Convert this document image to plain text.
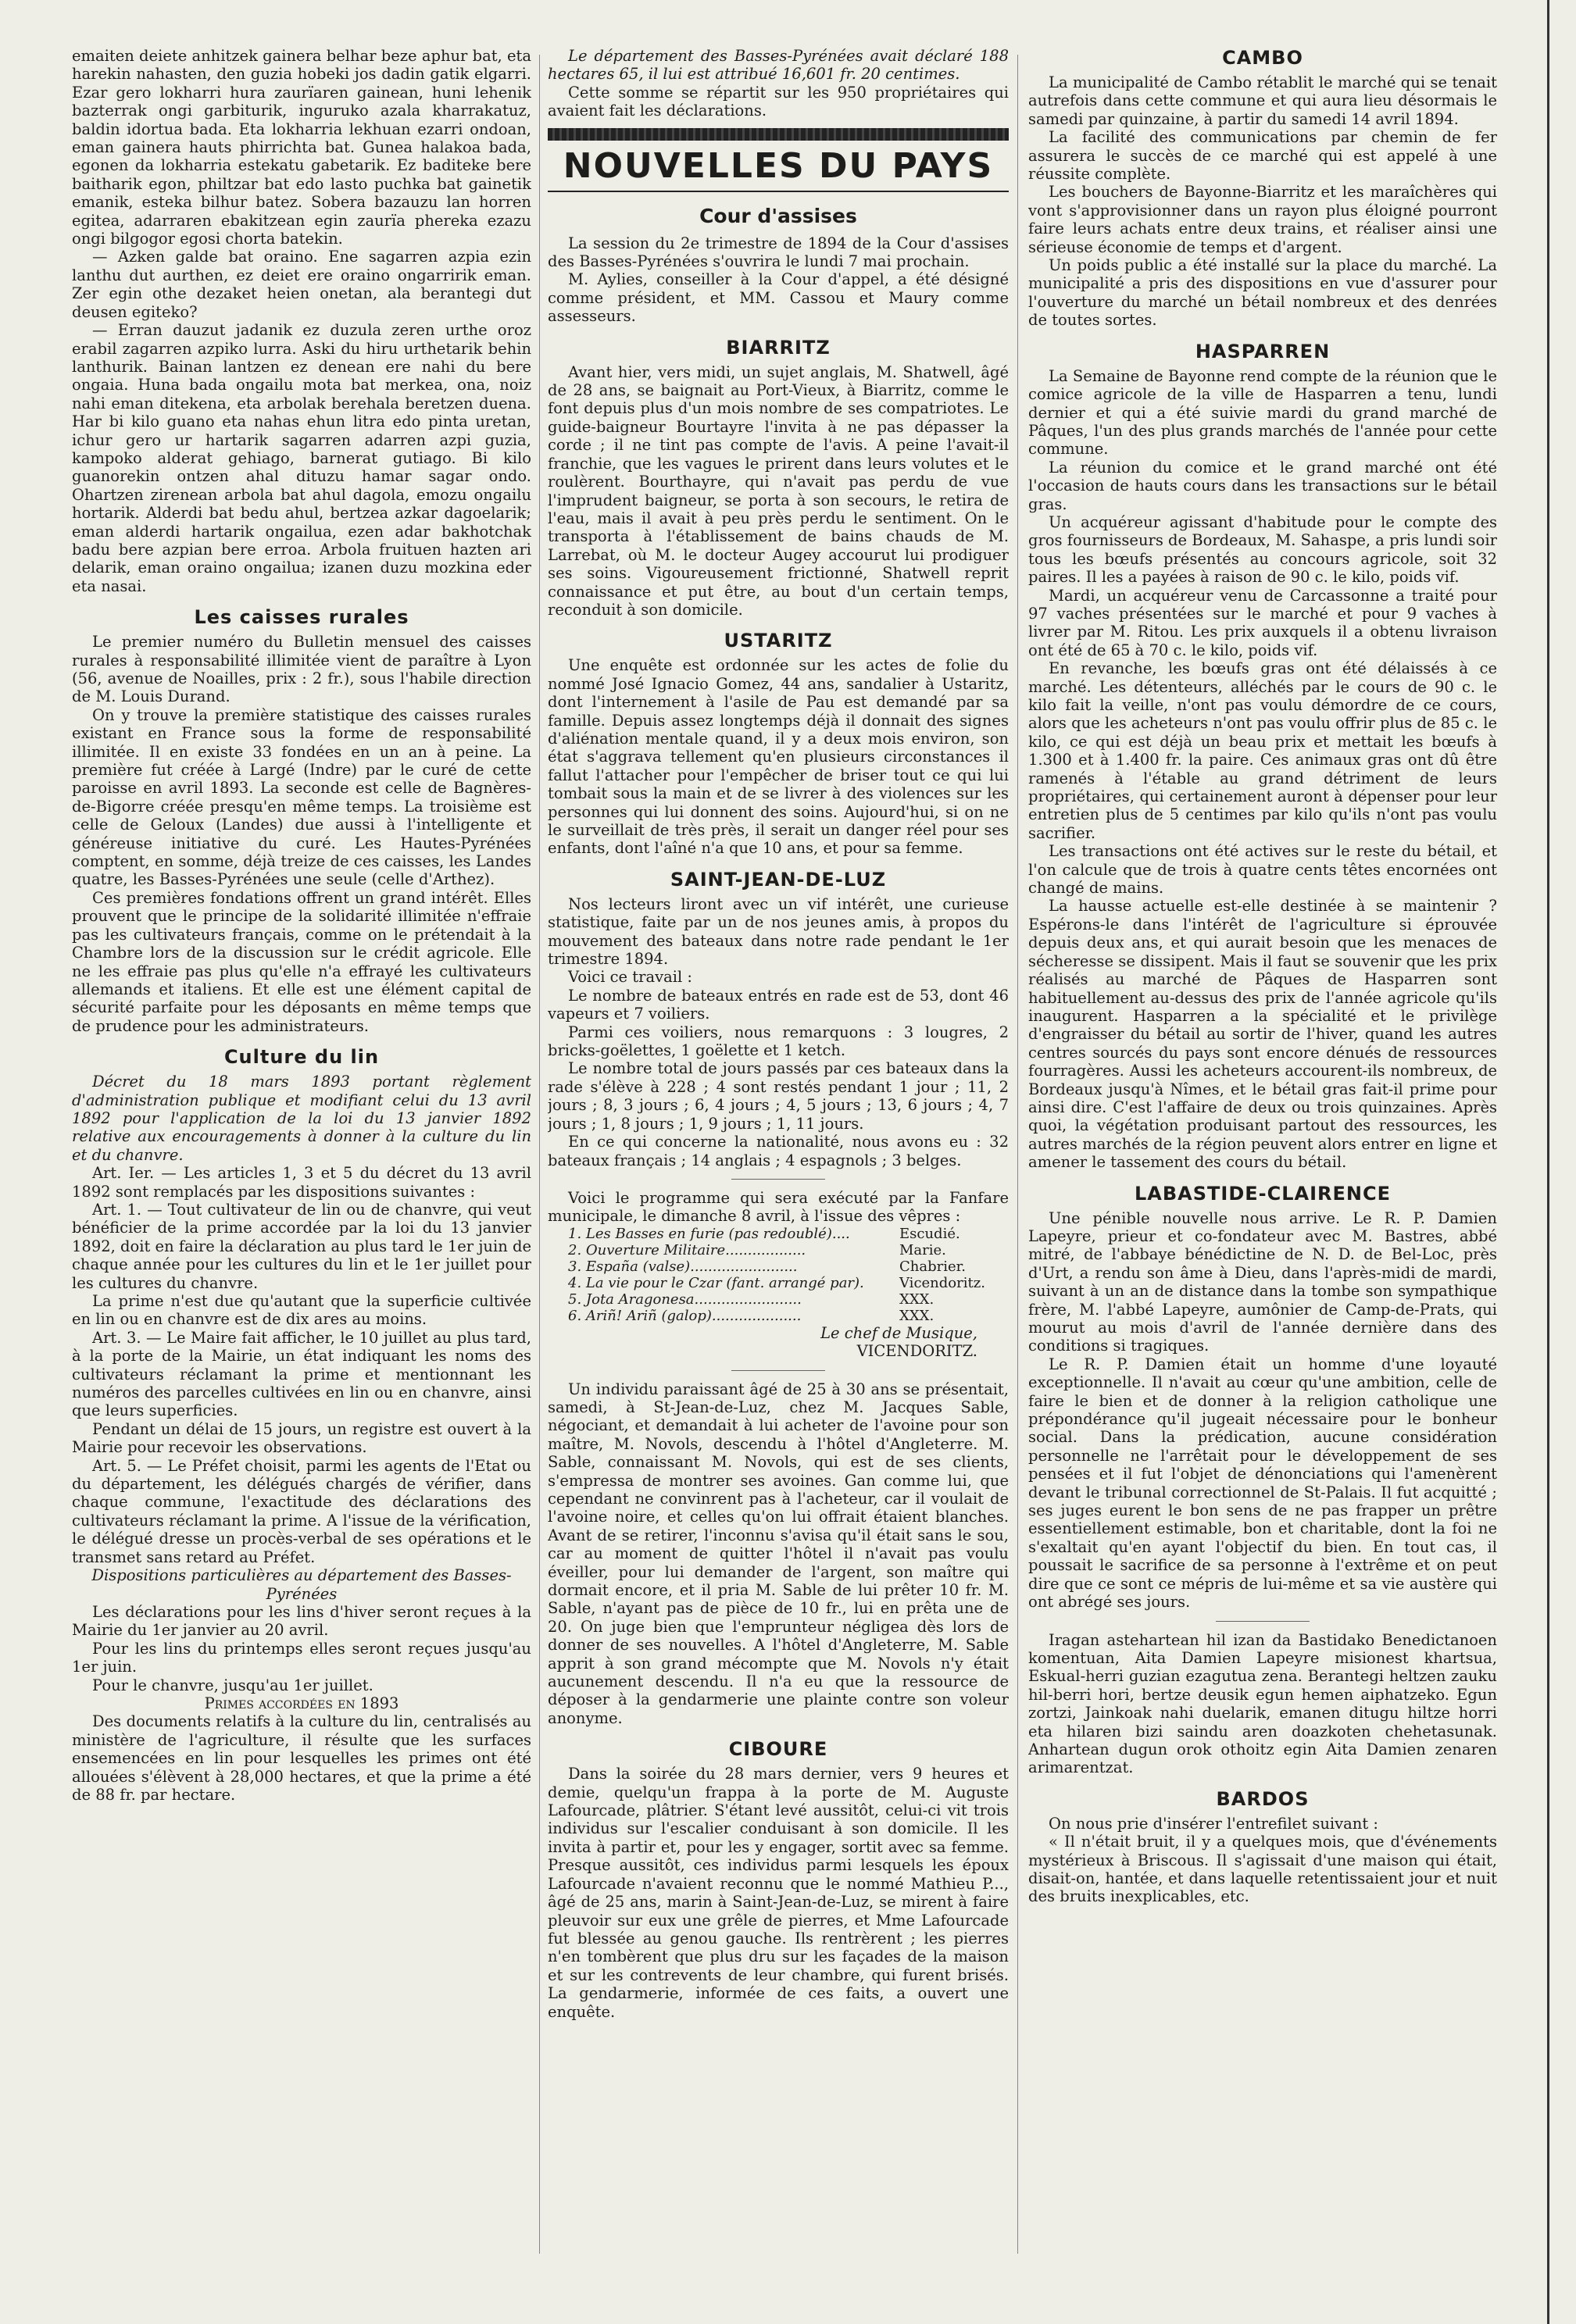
emaiten deiete anhitzek gainera belhar beze aphur bat, eta harekin nahasten, den guzia hobeki jos dadin gatik elgarri. Ezar gero lokharri hura zaurïaren gainean, huni lehenik bazterrak ongi garbiturik, inguruko azala kharrakatuz, baldin idortua bada. Eta lokharria lekhuan ezarri ondoan, eman gainera hauts phirrichta bat. Gunea halakoa bada, egonen da lokharria estekatu gabetarik. Ez baditeke bere baitharik egon, philtzar bat edo lasto puchka bat gainetik emanik, esteka bilhur batez. Sobera bazauzu lan horren egitea, adarraren ebakitzean egin zaurïa phereka ezazu ongi bilgogor egosi chorta batekin.

— Azken galde bat oraino. Ene sagarren azpia ezin lanthu dut aurthen, ez deiet ere oraino ongarririk eman. Zer egin othe dezaket heien onetan, ala berantegi dut deusen egiteko?

— Erran dauzut jadanik ez duzula zeren urthe oroz erabil zagarren azpiko lurra. Aski du hiru urthetarik behin lanthurik. Bainan lantzen ez denean ere nahi du bere ongaia. Huna bada ongailu mota bat merkea, ona, noiz nahi eman ditekena, eta arbolak berehala beretzen duena. Har bi kilo guano eta nahas ehun litra edo pinta uretan, ichur gero ur hartarik sagarren adarren azpi guzia, kampoko alderat gehiago, barnerat gutiago. Bi kilo guanorekin ontzen ahal dituzu hamar sagar ondo. Ohartzen zirenean arbola bat ahul dagola, emozu ongailu hortarik. Alderdi bat bedu ahul, bertzea azkar dagoelarik; eman alderdi hartarik ongailua, ezen adar bakhotchak badu bere azpian bere erroa. Arbola fruituen hazten ari delarik, eman oraino ongailua; izanen duzu mozkina eder eta nasai.

Les caisses rurales

Le premier numéro du Bulletin mensuel des caisses rurales à responsabilité illimitée vient de paraître à Lyon (56, avenue de Noailles, prix : 2 fr.), sous l'habile direction de M. Louis Durand.

On y trouve la première statistique des caisses rurales existant en France sous la forme de responsabilité illimitée. Il en existe 33 fondées en un an à peine. La première fut créée à Largé (Indre) par le curé de cette paroisse en avril 1893. La seconde est celle de Bagnères-de-Bigorre créée presqu'en même temps. La troisième est celle de Geloux (Landes) due aussi à l'intelligente et généreuse initiative du curé. Les Hautes-Pyrénées comptent, en somme, déjà treize de ces caisses, les Landes quatre, les Basses-Pyrénées une seule (celle d'Arthez).

Ces premières fondations offrent un grand intérêt. Elles prouvent que le principe de la solidarité illimitée n'effraie pas les cultivateurs français, comme on le prétendait à la Chambre lors de la discussion sur le crédit agricole. Elle ne les effraie pas plus qu'elle n'a effrayé les cultivateurs allemands et italiens. Et elle est une élément capital de sécurité parfaite pour les déposants en même temps que de prudence pour les administrateurs.

Culture du lin

Décret du 18 mars 1893 portant règlement d'administration publique et modifiant celui du 13 avril 1892 pour l'application de la loi du 13 janvier 1892 relative aux encouragements à donner à la culture du lin et du chanvre.

Art. Ier. — Les articles 1, 3 et 5 du décret du 13 avril 1892 sont remplacés par les dispositions suivantes :

Art. 1. — Tout cultivateur de lin ou de chanvre, qui veut bénéficier de la prime accordée par la loi du 13 janvier 1892, doit en faire la déclaration au plus tard le 1er juin de chaque année pour les cultures du lin et le 1er juillet pour les cultures du chanvre.

La prime n'est due qu'autant que la superficie cultivée en lin ou en chanvre est de dix ares au moins.

Art. 3. — Le Maire fait afficher, le 10 juillet au plus tard, à la porte de la Mairie, un état indiquant les noms des cultivateurs réclamant la prime et mentionnant les numéros des parcelles cultivées en lin ou en chanvre, ainsi que leurs superficies.

Pendant un délai de 15 jours, un registre est ouvert à la Mairie pour recevoir les observations.

Art. 5. — Le Préfet choisit, parmi les agents de l'Etat ou du département, les délégués chargés de vérifier, dans chaque commune, l'exactitude des déclarations des cultivateurs réclamant la prime. A l'issue de la vérification, le délégué dresse un procès-verbal de ses opérations et le transmet sans retard au Préfet.

Dispositions particulières au département des Basses-Pyrénées

Les déclarations pour les lins d'hiver seront reçues à la Mairie du 1er janvier au 20 avril.

Pour les lins du printemps elles seront reçues jusqu'au 1er juin.

Pour le chanvre, jusqu'au 1er juillet.

Primes accordées en 1893

Des documents relatifs à la culture du lin, centralisés au ministère de l'agriculture, il résulte que les surfaces ensemencées en lin pour lesquelles les primes ont été allouées s'élèvent à 28,000 hectares, et que la prime a été de 88 fr. par hectare.

Le département des Basses-Pyrénées avait déclaré 188 hectares 65, il lui est attribué 16,601 fr. 20 centimes.

Cette somme se répartit sur les 950 propriétaires qui avaient fait les déclarations.

NOUVELLES DU PAYS
Cour d'assises

La session du 2e trimestre de 1894 de la Cour d'assises des Basses-Pyrénées s'ouvrira le lundi 7 mai prochain.

M. Aylies, conseiller à la Cour d'appel, a été désigné comme président, et MM. Cassou et Maury comme assesseurs.

BIARRITZ

Avant hier, vers midi, un sujet anglais, M. Shatwell, âgé de 28 ans, se baignait au Port-Vieux, à Biarritz, comme le font depuis plus d'un mois nombre de ses compatriotes. Le guide-baigneur Bourtayre l'invita à ne pas dépasser la corde ; il ne tint pas compte de l'avis. A peine l'avait-il franchie, que les vagues le prirent dans leurs volutes et le roulèrent. Bourthayre, qui n'avait pas perdu de vue l'imprudent baigneur, se porta à son secours, le retira de l'eau, mais il avait à peu près perdu le sentiment. On le transporta à l'établissement de bains chauds de M. Larrebat, où M. le docteur Augey accourut lui prodiguer ses soins. Vigoureusement frictionné, Shatwell reprit connaissance et put être, au bout d'un certain temps, reconduit à son domicile.

USTARITZ

Une enquête est ordonnée sur les actes de folie du nommé José Ignacio Gomez, 44 ans, sandalier à Ustaritz, dont l'internement à l'asile de Pau est demandé par sa famille. Depuis assez longtemps déjà il donnait des signes d'aliénation mentale quand, il y a deux mois environ, son état s'aggrava tellement qu'en plusieurs circonstances il fallut l'attacher pour l'empêcher de briser tout ce qui lui tombait sous la main et de se livrer à des violences sur les personnes qui lui donnent des soins. Aujourd'hui, si on ne le surveillait de très près, il serait un danger réel pour ses enfants, dont l'aîné n'a que 10 ans, et pour sa femme.

SAINT-JEAN-DE-LUZ

Nos lecteurs liront avec un vif intérêt, une curieuse statistique, faite par un de nos jeunes amis, à propos du mouvement des bateaux dans notre rade pendant le 1er trimestre 1894.

Voici ce travail :

Le nombre de bateaux entrés en rade est de 53, dont 46 vapeurs et 7 voiliers.

Parmi ces voiliers, nous remarquons : 3 lougres, 2 bricks-goëlettes, 1 goëlette et 1 ketch.

Le nombre total de jours passés par ces bateaux dans la rade s'élève à 228 ; 4 sont restés pendant 1 jour ; 11, 2 jours ; 8, 3 jours ; 6, 4 jours ; 4, 5 jours ; 13, 6 jours ; 4, 7 jours ; 1, 8 jours ; 1, 9 jours ; 1, 11 jours.

En ce qui concerne la nationalité, nous avons eu : 32 bateaux français ; 14 anglais ; 4 espagnols ; 3 belges.

Voici le programme qui sera exécuté par la Fanfare municipale, le dimanche 8 avril, à l'issue des vêpres :

1. Les Basses en furie (pas redoublé)....	Escudié.
2. Ouverture Militaire..................	Marie.
3. España (valse)........................	Chabrier.
4. La vie pour le Czar (fant. arrangé par).	Vicendoritz.
5. Jota Aragonesa........................	XXX.
6. Ariñ! Ariñ (galop)....................	XXX.
Le chef de Musique,
VICENDORITZ.

Un individu paraissant âgé de 25 à 30 ans se présentait, samedi, à St-Jean-de-Luz, chez M. Jacques Sable, négociant, et demandait à lui acheter de l'avoine pour son maître, M. Novols, descendu à l'hôtel d'Angleterre. M. Sable, connaissant M. Novols, qui est de ses clients, s'empressa de montrer ses avoines. Gan comme lui, que cependant ne convinrent pas à l'acheteur, car il voulait de l'avoine noire, et celles qu'on lui offrait étaient blanches. Avant de se retirer, l'inconnu s'avisa qu'il était sans le sou, car au moment de quitter l'hôtel il n'avait pas voulu éveiller, pour lui demander de l'argent, son maître qui dormait encore, et il pria M. Sable de lui prêter 10 fr. M. Sable, n'ayant pas de pièce de 10 fr., lui en prêta une de 20. On juge bien que l'emprunteur négligea dès lors de donner de ses nouvelles. A l'hôtel d'Angleterre, M. Sable apprit à son grand mécompte que M. Novols n'y était aucunement descendu. Il n'a eu que la ressource de déposer à la gendarmerie une plainte contre son voleur anonyme.

CIBOURE

Dans la soirée du 28 mars dernier, vers 9 heures et demie, quelqu'un frappa à la porte de M. Auguste Lafourcade, plâtrier. S'étant levé aussitôt, celui-ci vit trois individus sur l'escalier conduisant à son domicile. Il les invita à partir et, pour les y engager, sortit avec sa femme. Presque aussitôt, ces individus parmi lesquels les époux Lafourcade n'avaient reconnu que le nommé Mathieu P..., âgé de 25 ans, marin à Saint-Jean-de-Luz, se mirent à faire pleuvoir sur eux une grêle de pierres, et Mme Lafourcade fut blessée au genou gauche. Ils rentrèrent ; les pierres n'en tombèrent que plus dru sur les façades de la maison et sur les contrevents de leur chambre, qui furent brisés. La gendarmerie, informée de ces faits, a ouvert une enquête.

CAMBO

La municipalité de Cambo rétablit le marché qui se tenait autrefois dans cette commune et qui aura lieu désormais le samedi par quinzaine, à partir du samedi 14 avril 1894.

La facilité des communications par chemin de fer assurera le succès de ce marché qui est appelé à une réussite complète.

Les bouchers de Bayonne-Biarritz et les maraîchères qui vont s'approvisionner dans un rayon plus éloigné pourront faire leurs achats entre deux trains, et réaliser ainsi une sérieuse économie de temps et d'argent.

Un poids public a été installé sur la place du marché. La municipalité a pris des dispositions en vue d'assurer pour l'ouverture du marché un bétail nombreux et des denrées de toutes sortes.

HASPARREN

La Semaine de Bayonne rend compte de la réunion que le comice agricole de la ville de Hasparren a tenu, lundi dernier et qui a été suivie mardi du grand marché de Pâques, l'un des plus grands marchés de l'année pour cette commune.

La réunion du comice et le grand marché ont été l'occasion de hauts cours dans les transactions sur le bétail gras.

Un acquéreur agissant d'habitude pour le compte des gros fournisseurs de Bordeaux, M. Sahaspe, a pris lundi soir tous les bœufs présentés au concours agricole, soit 32 paires. Il les a payées à raison de 90 c. le kilo, poids vif.

Mardi, un acquéreur venu de Carcassonne a traité pour 97 vaches présentées sur le marché et pour 9 vaches à livrer par M. Ritou. Les prix auxquels il a obtenu livraison ont été de 65 à 70 c. le kilo, poids vif.

En revanche, les bœufs gras ont été délaissés à ce marché. Les détenteurs, alléchés par le cours de 90 c. le kilo fait la veille, n'ont pas voulu démordre de ce cours, alors que les acheteurs n'ont pas voulu offrir plus de 85 c. le kilo, ce qui est déjà un beau prix et mettait les bœufs à 1.300 et à 1.400 fr. la paire. Ces animaux gras ont dû être ramenés à l'étable au grand détriment de leurs propriétaires, qui certainement auront à dépenser pour leur entretien plus de 5 centimes par kilo qu'ils n'ont pas voulu sacrifier.

Les transactions ont été actives sur le reste du bétail, et l'on calcule que de trois à quatre cents têtes encornées ont changé de mains.

La hausse actuelle est-elle destinée à se maintenir ? Espérons-le dans l'intérêt de l'agriculture si éprouvée depuis deux ans, et qui aurait besoin que les menaces de sécheresse se dissipent. Mais il faut se souvenir que les prix réalisés au marché de Pâques de Hasparren sont habituellement au-dessus des prix de l'année agricole qu'ils inaugurent. Hasparren a la spécialité et le privilège d'engraisser du bétail au sortir de l'hiver, quand les autres centres sourcés du pays sont encore dénués de ressources fourragères. Aussi les acheteurs accourent-ils nombreux, de Bordeaux jusqu'à Nîmes, et le bétail gras fait-il prime pour ainsi dire. C'est l'affaire de deux ou trois quinzaines. Après quoi, la végétation produisant partout des ressources, les autres marchés de la région peuvent alors entrer en ligne et amener le tassement des cours du bétail.

LABASTIDE-CLAIRENCE

Une pénible nouvelle nous arrive. Le R. P. Damien Lapeyre, prieur et co-fondateur avec M. Bastres, abbé mitré, de l'abbaye bénédictine de N. D. de Bel-Loc, près d'Urt, a rendu son âme à Dieu, dans l'après-midi de mardi, suivant à un an de distance dans la tombe son sympathique frère, M. l'abbé Lapeyre, aumônier de Camp-de-Prats, qui mourut au mois d'avril de l'année dernière dans des conditions si tragiques.

Le R. P. Damien était un homme d'une loyauté exceptionnelle. Il n'avait au cœur qu'une ambition, celle de faire le bien et de donner à la religion catholique une prépondérance qu'il jugeait nécessaire pour le bonheur social. Dans la prédication, aucune considération personnelle ne l'arrêtait pour le développement de ses pensées et il fut l'objet de dénonciations qui l'amenèrent devant le tribunal correctionnel de St-Palais. Il fut acquitté ; ses juges eurent le bon sens de ne pas frapper un prêtre essentiellement estimable, bon et charitable, dont la foi ne s'exaltait qu'en ayant l'objectif du bien. En tout cas, il poussait le sacrifice de sa personne à l'extrême et on peut dire que ce sont ce mépris de lui-même et sa vie austère qui ont abrégé ses jours.

Iragan astehartean hil izan da Bastidako Benedictanoen komentuan, Aita Damien Lapeyre misionest khartsua, Eskual-herri guzian ezagutua zena. Berantegi heltzen zauku hil-berri hori, bertze deusik egun hemen aiphatzeko. Egun zortzi, Jainkoak nahi duelarik, emanen ditugu hiltze horri eta hilaren bizi saindu aren doazkoten chehetasunak. Anhartean dugun orok othoitz egin Aita Damien zenaren arimarentzat.

BARDOS

On nous prie d'insérer l'entrefilet suivant :

« Il n'était bruit, il y a quelques mois, que d'événements mystérieux à Briscous. Il s'agissait d'une maison qui était, disait-on, hantée, et dans laquelle retentissaient jour et nuit des bruits inexplicables, etc.
